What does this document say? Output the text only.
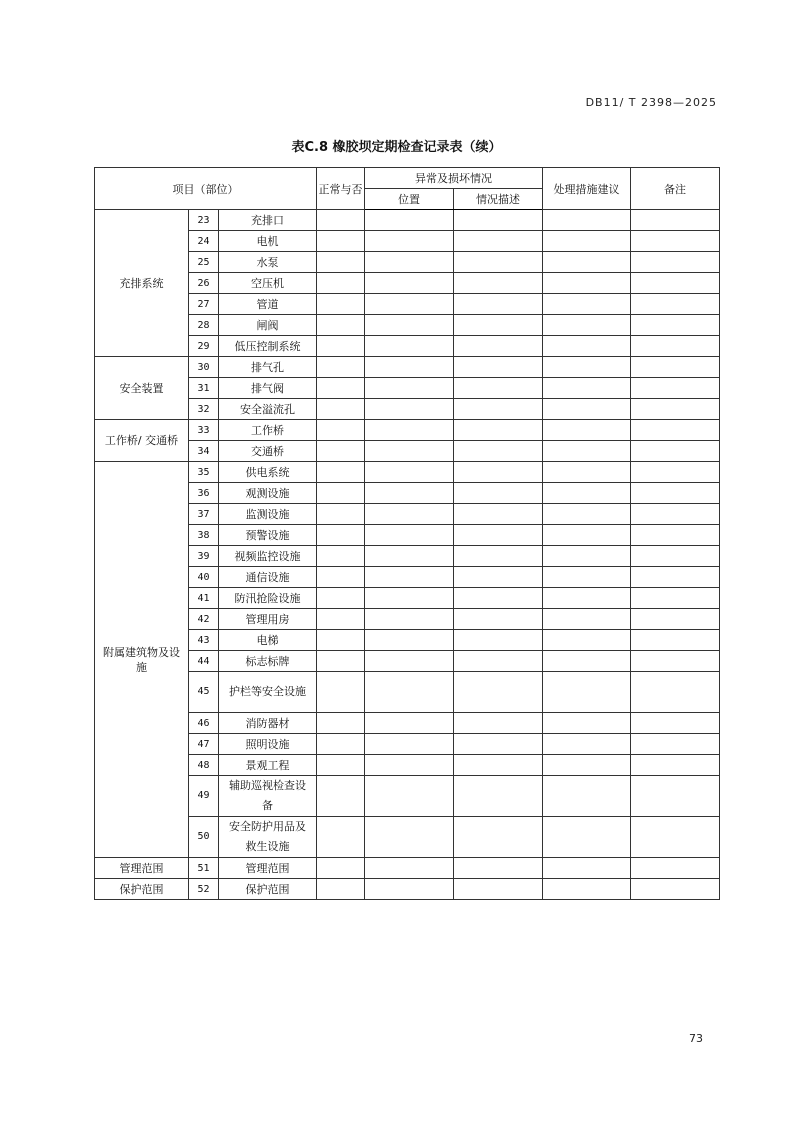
DB11/ T 2398—2025
表C.8 橡胶坝定期检查记录表（续）
项目（部位）			正常与否	异常及损坏情况		处理措施建议	备注
				位置	情况描述		
充排系统	23	充排口					
	24	电机					
	25	水泵					
	26	空压机					
	27	管道					
	28	闸阀					
	29	低压控制系统					
安全装置	30	排气孔					
	31	排气阀					
	32	安全溢流孔					
工作桥/ 交通桥	33	工作桥					
	34	交通桥					
附属建筑物及设施	35	供电系统					
	36	观测设施					
	37	监测设施					
	38	预警设施					
	39	视频监控设施					
	40	通信设施					
	41	防汛抢险设施					
	42	管理用房					
	43	电梯					
	44	标志标牌					
	45	护栏等安全设施					
	46	消防器材					
	47	照明设施					
	48	景观工程					
	49	辅助巡视检查设备					
	50	安全防护用品及救生设施					
管理范围	51	管理范围					
保护范围	52	保护范围					
73
